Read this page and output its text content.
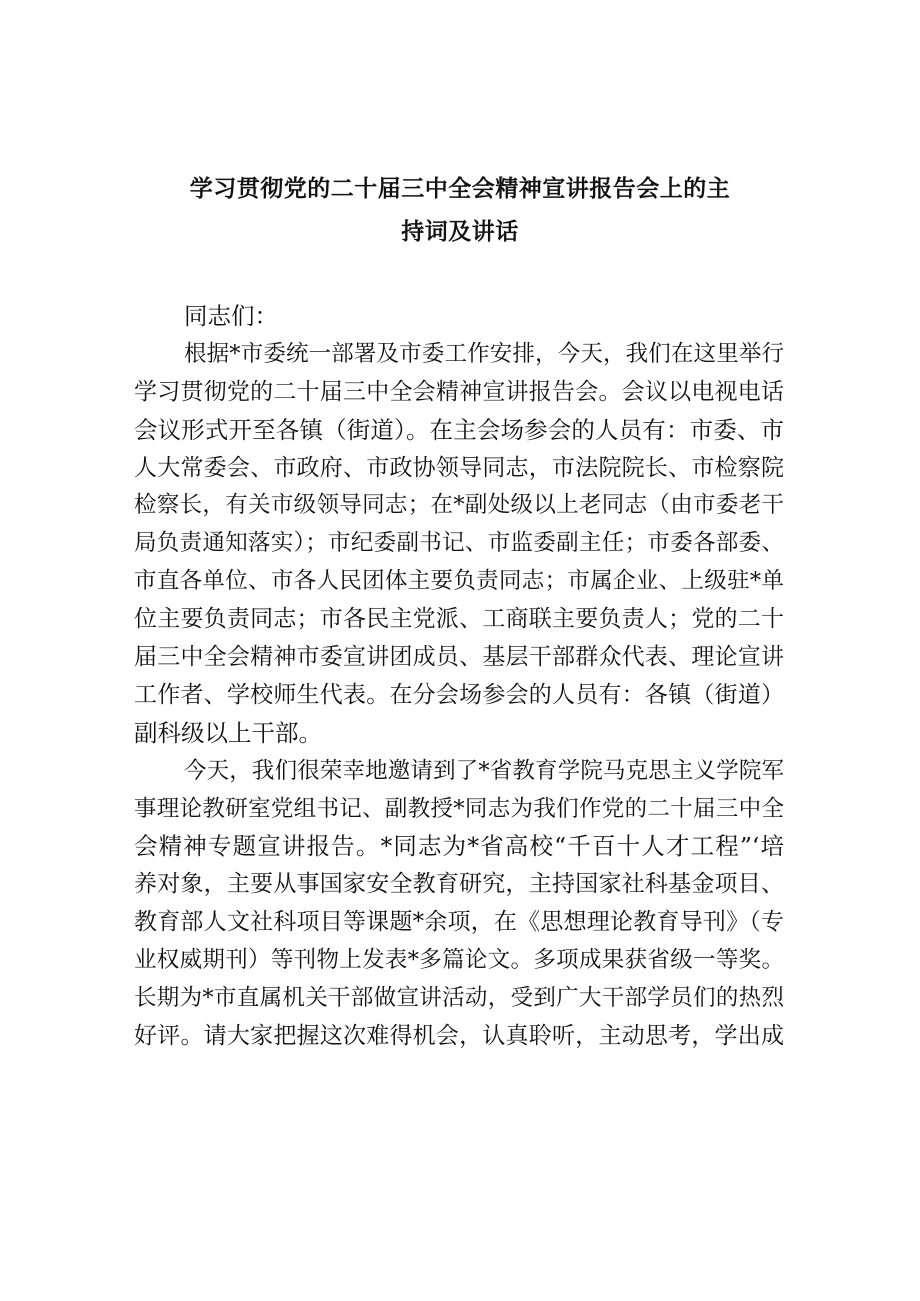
学习贯彻党的二十届三中全会精神宣讲报告会上的主
持词及讲话
同志们：
根据*市委统一部署及市委工作安排，今天，我们在这里举行
学习贯彻党的二十届三中全会精神宣讲报告会。会议以电视电话
会议形式开至各镇（街道）。在主会场参会的人员有：市委、市
人大常委会、市政府、市政协领导同志，市法院院长、市检察院
检察长，有关市级领导同志；在*副处级以上老同志（由市委老干
局负责通知落实）；市纪委副书记、市监委副主任；市委各部委、
市直各单位、市各人民团体主要负责同志；市属企业、上级驻*单
位主要负责同志；市各民主党派、工商联主要负责人；党的二十
届三中全会精神市委宣讲团成员、基层干部群众代表、理论宣讲
工作者、学校师生代表。在分会场参会的人员有：各镇（街道）
副科级以上干部。
今天，我们很荣幸地邀请到了*省教育学院马克思主义学院军
事理论教研室党组书记、副教授*同志为我们作党的二十届三中全
会精神专题宣讲报告。*同志为*省高校“千百十人才工程”‘培
养对象，主要从事国家安全教育研究，主持国家社科基金项目、
教育部人文社科项目等课题*余项，在《思想理论教育导刊》（专
业权威期刊）等刊物上发表*多篇论文。多项成果获省级一等奖。
长期为*市直属机关干部做宣讲活动，受到广大干部学员们的热烈
好评。请大家把握这次难得机会，认真聆听，主动思考，学出成
